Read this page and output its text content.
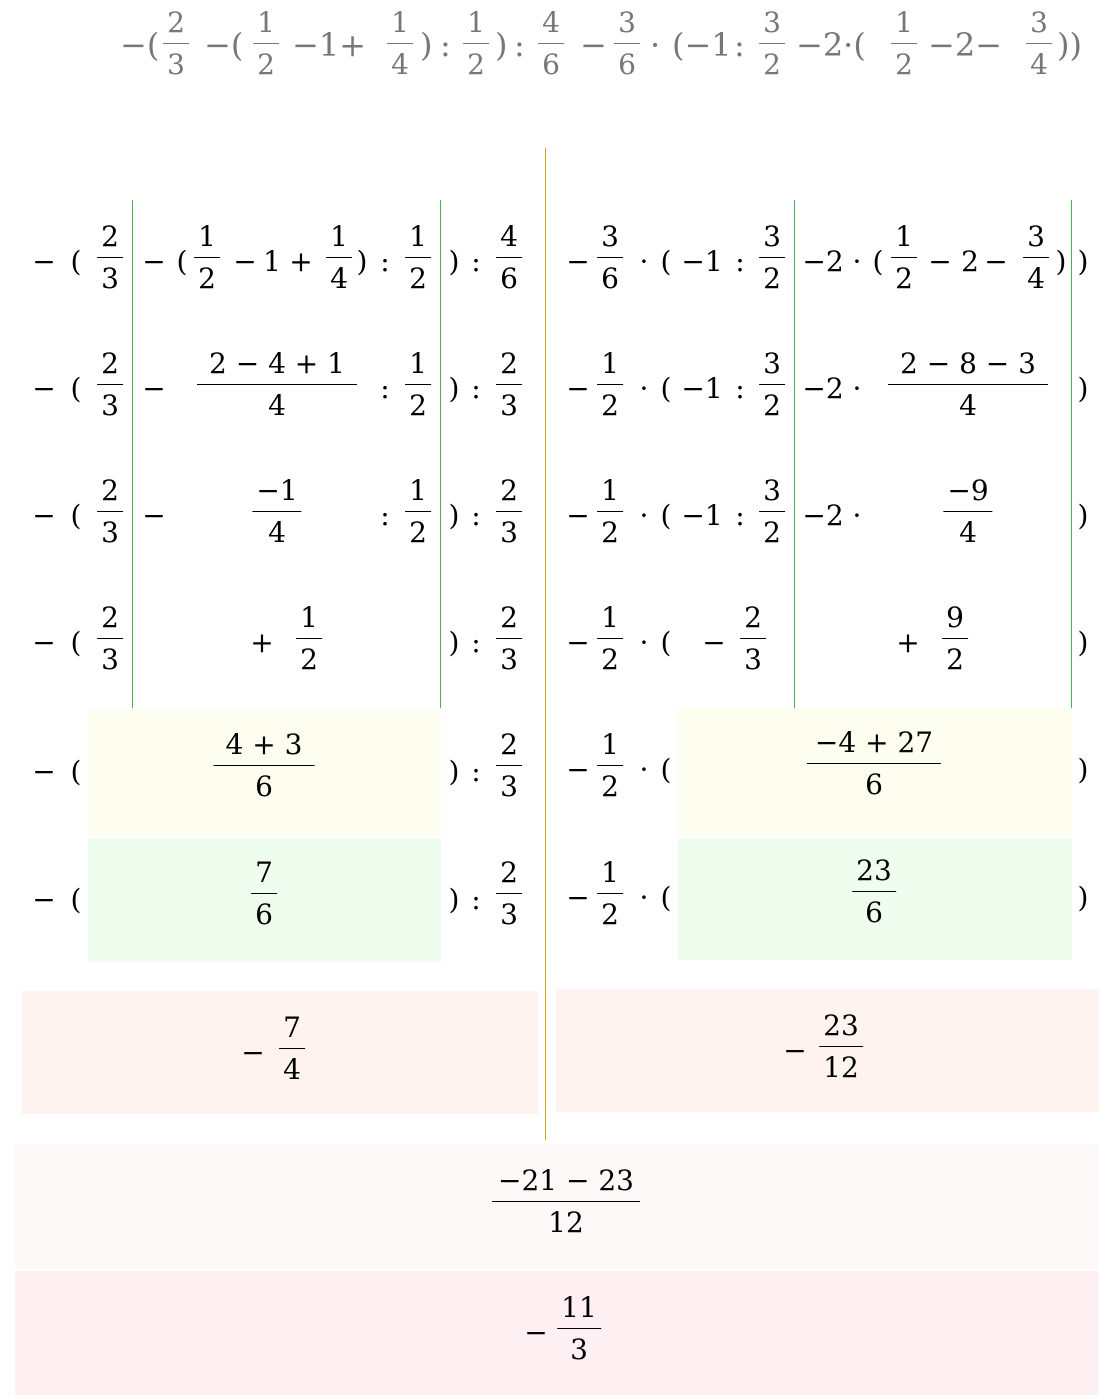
−(
2
3
−(
1
2
−1+
1
4
) :
1
2
) :
4
6
−
3
6
· (−1 :
3
2
−2·(
1
2
−2−
3
4
))
− (
2
3
− (
1
2
− 1 +
1
4
) :
1
2
) :
4
6
− (
2
3
−
2 − 4 + 1
4
:
1
2
) :
2
3
− (
2
3
−
−1
4
:
1
2
) :
2
3
− (
2
3
+
1
2
) :
2
3
− (
4 + 3
6	) :
2
3
− (
7
6	) :
2
3
−
7
4
−
3
6
· ( −1 :
3
2
−2 · (
1
2
− 2 −
3
4
) )
−
1
2
· ( −1 :
3
2
−2 ·
2 − 8 − 3
4
)
−
1
2
· ( −1 :
3
2
−2 ·
−9
4
)
−
1
2
· ( −
2
3
+
9
2
)
−
1
2
· (
−4 + 27
6	)
−
1
2
· (
23
6	)
−
23
12
−21 − 23
12
−
11
3
